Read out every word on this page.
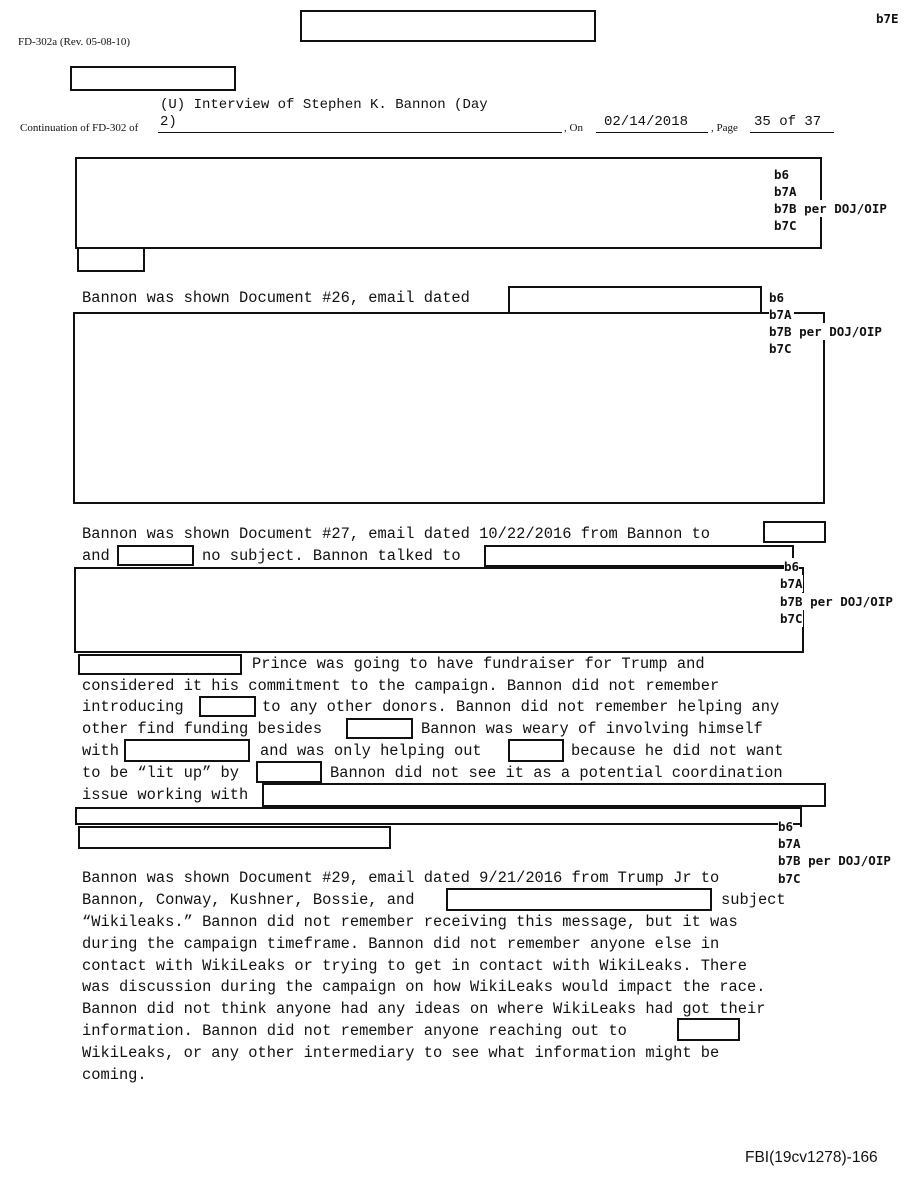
b7E
FD-302a (Rev. 05-08-10)
Continuation of FD-302 of
(U) Interview of Stephen K. Bannon (Day
2)	, On 02/14/2018 , Page 35 of 37
b6
b7A
b7B per DOJ/OIP
b7C
Bannon was shown Document #26, email dated	b6
b7A
b7B per DOJ/OIP
b7C
Bannon was shown Document #27, email dated 10/22/2016 from Bannon to
and	no subject. Bannon talked to
b6
b7A
b7B per DOJ/OIP
b7C
Prince was going to have fundraiser for Trump and
considered it his commitment to the campaign. Bannon did not remember
introducing	to any other donors. Bannon did not remember helping any
other find funding besides	Bannon was weary of involving himself
with	and was only helping out	because he did not want
to be “lit up” by	Bannon did not see it as a potential coordination
issue working with
b6
b7A
b7B per DOJ/OIP
b7C
Bannon was shown Document #29, email dated 9/21/2016 from Trump Jr to
Bannon, Conway, Kushner, Bossie, and	subject
“Wikileaks.” Bannon did not remember receiving this message, but it was
during the campaign timeframe. Bannon did not remember anyone else in
contact with WikiLeaks or trying to get in contact with WikiLeaks. There
was discussion during the campaign on how WikiLeaks would impact the race.
Bannon did not think anyone had any ideas on where WikiLeaks had got their
information. Bannon did not remember anyone reaching out to
WikiLeaks, or any other intermediary to see what information might be
coming.
FBI(19cv1278)-166
